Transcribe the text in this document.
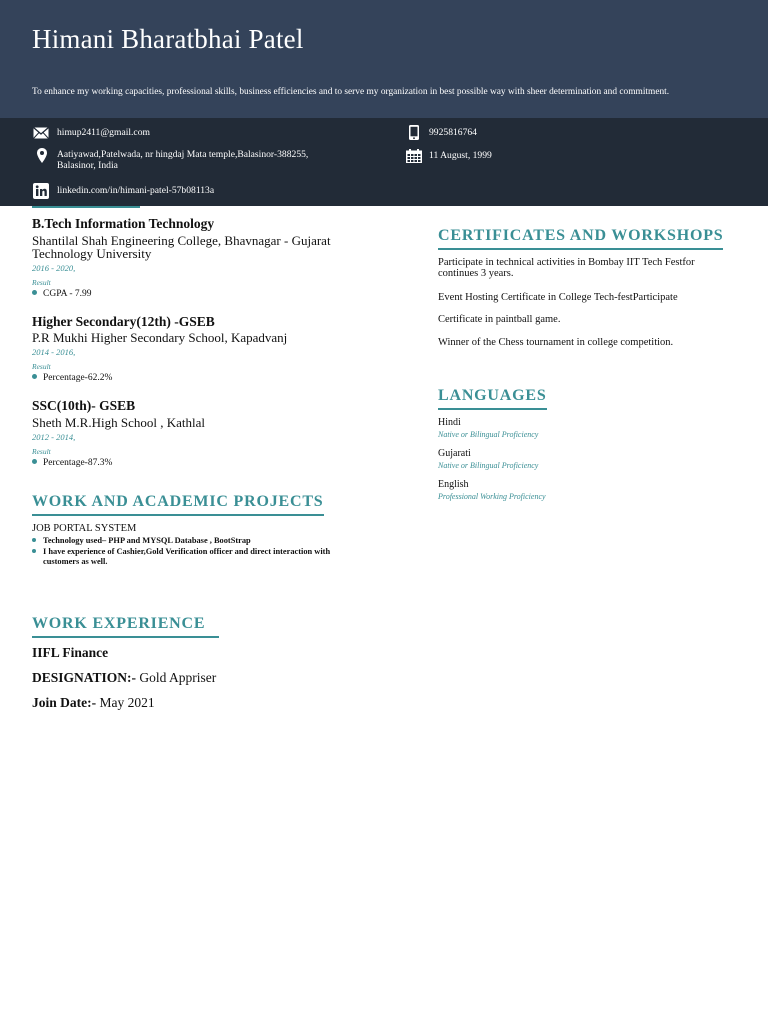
Himani Bharatbhai Patel
To enhance my working capacities, professional skills, business efficiencies and to serve my organization in best possible way with sheer determination and commitment.
himup2411@gmail.com
Aatiyawad,Patelwada, nr hingdaj Mata temple,Balasinor-388255,
Balasinor, India
linkedin.com/in/himani-patel-57b08113a
9925816764
11 August, 1999
B.Tech Information Technology
Shantilal Shah Engineering College, Bhavnagar - Gujarat
Technology University
2016 - 2020,
Result
CGPA - 7.99
Higher Secondary(12th) -GSEB
P.R Mukhi Higher Secondary School, Kapadvanj
2014 - 2016,
Result
Percentage-62.2%
SSC(10th)- GSEB
Sheth M.R.High School , Kathlal
2012 - 2014,
Result
Percentage-87.3%
WORK AND ACADEMIC PROJECTS
JOB PORTAL SYSTEM
Technology used– PHP and MYSQL Database , BootStrap
I have experience of Cashier,Gold Verification officer and direct interaction with
customers as well.
WORK EXPERIENCE
IIFL Finance
DESIGNATION:- Gold Appriser
Join Date:- May 2021
CERTIFICATES AND WORKSHOPS
Participate in technical activities in Bombay IIT Tech Festfor
continues 3 years.
Event Hosting Certificate in College Tech-festParticipate
Certificate in paintball game.
Winner of the Chess tournament in college competition.
LANGUAGES
Hindi
Native or Bilingual Proficiency
Gujarati
Native or Bilingual Proficiency
English
Professional Working Proficiency
